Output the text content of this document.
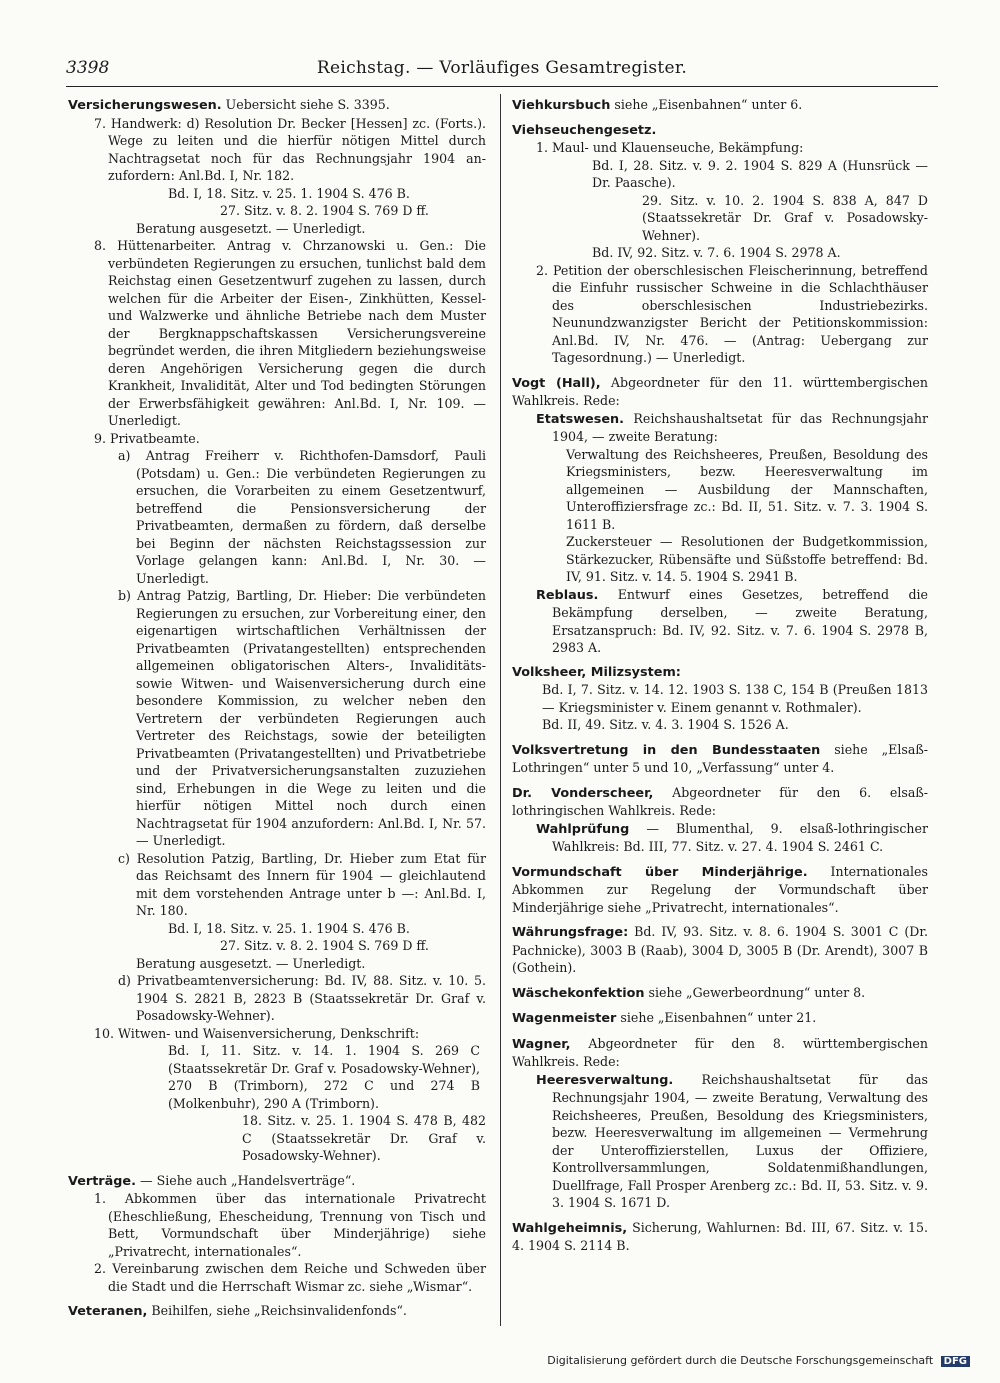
3398	Reichstag. — Vorläufiges Gesamtregister.
Versicherungswesen. Uebersicht siehe S. 3395.
7. Handwerk: d) Resolution Dr. Becker [Hessen] zc. (Forts.). Wege zu leiten und die hierfür nötigen Mittel durch Nachtragsetat noch für das Rechnungsjahr 1904 an-zufordern: Anl.Bd. I, Nr. 182.
Bd. I, 18. Sitz. v. 25. 1. 1904 S. 476 B.
27. Sitz. v. 8. 2. 1904 S. 769 D ff.
Beratung ausgesetzt. — Unerledigt.
8. Hüttenarbeiter. Antrag v. Chrzanowski u. Gen.: Die verbündeten Regierungen zu ersuchen, tunlichst bald dem Reichstag einen Gesetzentwurf zugehen zu lassen, durch welchen für die Arbeiter der Eisen-, Zinkhütten, Kessel- und Walzwerke und ähnliche Betriebe nach dem Muster der Bergknappschaftskassen Versicherungsvereine begründet werden, die ihren Mitgliedern beziehungsweise deren Angehörigen Versicherung gegen die durch Krankheit, Invalidität, Alter und Tod bedingten Störungen der Erwerbsfähigkeit gewähren: Anl.Bd. I, Nr. 109. — Unerledigt.
9. Privatbeamte.
a) Antrag Freiherr v. Richthofen-Damsdorf, Pauli (Potsdam) u. Gen.: Die verbündeten Regierungen zu ersuchen, die Vorarbeiten zu einem Gesetzentwurf, betreffend die Pensionsversicherung der Privatbeamten, dermaßen zu fördern, daß derselbe bei Beginn der nächsten Reichstagssession zur Vorlage gelangen kann: Anl.Bd. I, Nr. 30. — Unerledigt.
b) Antrag Patzig, Bartling, Dr. Hieber: Die verbündeten Regierungen zu ersuchen, zur Vorbereitung einer, den eigenartigen wirtschaftlichen Verhältnissen der Privatbeamten (Privatangestellten) entsprechenden allgemeinen obligatorischen Alters-, Invaliditäts- sowie Witwen- und Waisenversicherung durch eine besondere Kommission, zu welcher neben den Vertretern der verbündeten Regierungen auch Vertreter des Reichstags, sowie der beteiligten Privatbeamten (Privatangestellten) und Privatbetriebe und der Privatversicherungsanstalten zuzuziehen sind, Erhebungen in die Wege zu leiten und die hierfür nötigen Mittel noch durch einen Nachtragsetat für 1904 anzufordern: Anl.Bd. I, Nr. 57. — Unerledigt.
c) Resolution Patzig, Bartling, Dr. Hieber zum Etat für das Reichsamt des Innern für 1904 — gleichlautend mit dem vorstehenden Antrage unter b —: Anl.Bd. I, Nr. 180.
Bd. I, 18. Sitz. v. 25. 1. 1904 S. 476 B.
27. Sitz. v. 8. 2. 1904 S. 769 D ff.
Beratung ausgesetzt. — Unerledigt.
d) Privatbeamtenversicherung: Bd. IV, 88. Sitz. v. 10. 5. 1904 S. 2821 B, 2823 B (Staatssekretär Dr. Graf v. Posadowsky-Wehner).
10. Witwen- und Waisenversicherung, Denkschrift:
Bd. I, 11. Sitz. v. 14. 1. 1904 S. 269 C (Staatssekretär Dr. Graf v. Posadowsky-Wehner), 270 B (Trimborn), 272 C und 274 B (Molkenbuhr), 290 A (Trimborn).
18. Sitz. v. 25. 1. 1904 S. 478 B, 482 C (Staatssekretär Dr. Graf v. Posadowsky-Wehner).
Verträge. — Siehe auch „Handelsverträge“.
1. Abkommen über das internationale Privatrecht (Eheschließung, Ehescheidung, Trennung von Tisch und Bett, Vormundschaft über Minderjährige) siehe „Privatrecht, internationales“.
2. Vereinbarung zwischen dem Reiche und Schweden über die Stadt und die Herrschaft Wismar zc. siehe „Wismar“.
Veteranen, Beihilfen, siehe „Reichsinvalidenfonds“.
Viehkursbuch siehe „Eisenbahnen“ unter 6.
Viehseuchengesetz.
1. Maul- und Klauenseuche, Bekämpfung:
Bd. I, 28. Sitz. v. 9. 2. 1904 S. 829 A (Hunsrück — Dr. Paasche).
29. Sitz. v. 10. 2. 1904 S. 838 A, 847 D (Staatssekretär Dr. Graf v. Posadowsky-Wehner).
Bd. IV, 92. Sitz. v. 7. 6. 1904 S. 2978 A.
2. Petition der oberschlesischen Fleischerinnung, betreffend die Einfuhr russischer Schweine in die Schlachthäuser des oberschlesischen Industriebezirks. Neunundzwanzigster Bericht der Petitionskommission: Anl.Bd. IV, Nr. 476. — (Antrag: Uebergang zur Tagesordnung.) — Unerledigt.
Vogt (Hall), Abgeordneter für den 11. württembergischen Wahlkreis. Rede:
Etatswesen. Reichshaushaltsetat für das Rechnungsjahr 1904, — zweite Beratung:
Verwaltung des Reichsheeres, Preußen, Besoldung des Kriegsministers, bezw. Heeresverwaltung im allgemeinen — Ausbildung der Mannschaften, Unteroffiziersfrage zc.: Bd. II, 51. Sitz. v. 7. 3. 1904 S. 1611 B.
Zuckersteuer — Resolutionen der Budgetkommission, Stärkezucker, Rübensäfte und Süßstoffe betreffend: Bd. IV, 91. Sitz. v. 14. 5. 1904 S. 2941 B.
Reblaus. Entwurf eines Gesetzes, betreffend die Bekämpfung derselben, — zweite Beratung, Ersatzanspruch: Bd. IV, 92. Sitz. v. 7. 6. 1904 S. 2978 B, 2983 A.
Volksheer, Milizsystem:
Bd. I, 7. Sitz. v. 14. 12. 1903 S. 138 C, 154 B (Preußen 1813 — Kriegsminister v. Einem genannt v. Rothmaler).
Bd. II, 49. Sitz. v. 4. 3. 1904 S. 1526 A.
Volksvertretung in den Bundesstaaten siehe „Elsaß-Lothringen“ unter 5 und 10, „Verfassung“ unter 4.
Dr. Vonderscheer, Abgeordneter für den 6. elsaß-lothringischen Wahlkreis. Rede:
Wahlprüfung — Blumenthal, 9. elsaß-lothringischer Wahlkreis: Bd. III, 77. Sitz. v. 27. 4. 1904 S. 2461 C.
Vormundschaft über Minderjährige. Internationales Abkommen zur Regelung der Vormundschaft über Minderjährige siehe „Privatrecht, internationales“.
Währungsfrage: Bd. IV, 93. Sitz. v. 8. 6. 1904 S. 3001 C (Dr. Pachnicke), 3003 B (Raab), 3004 D, 3005 B (Dr. Arendt), 3007 B (Gothein).
Wäschekonfektion siehe „Gewerbeordnung“ unter 8.
Wagenmeister siehe „Eisenbahnen“ unter 21.
Wagner, Abgeordneter für den 8. württembergischen Wahlkreis. Rede:
Heeresverwaltung. Reichshaushaltsetat für das Rechnungsjahr 1904, — zweite Beratung, Verwaltung des Reichsheeres, Preußen, Besoldung des Kriegsministers, bezw. Heeresverwaltung im allgemeinen — Vermehrung der Unteroffizierstellen, Luxus der Offiziere, Kontrollversammlungen, Soldatenmißhandlungen, Duellfrage, Fall Prosper Arenberg zc.: Bd. II, 53. Sitz. v. 9. 3. 1904 S. 1671 D.
Wahlgeheimnis, Sicherung, Wahlurnen: Bd. III, 67. Sitz. v. 15. 4. 1904 S. 2114 B.
Digitalisierung gefördert durch die Deutsche Forschungsgemeinschaft DFG
